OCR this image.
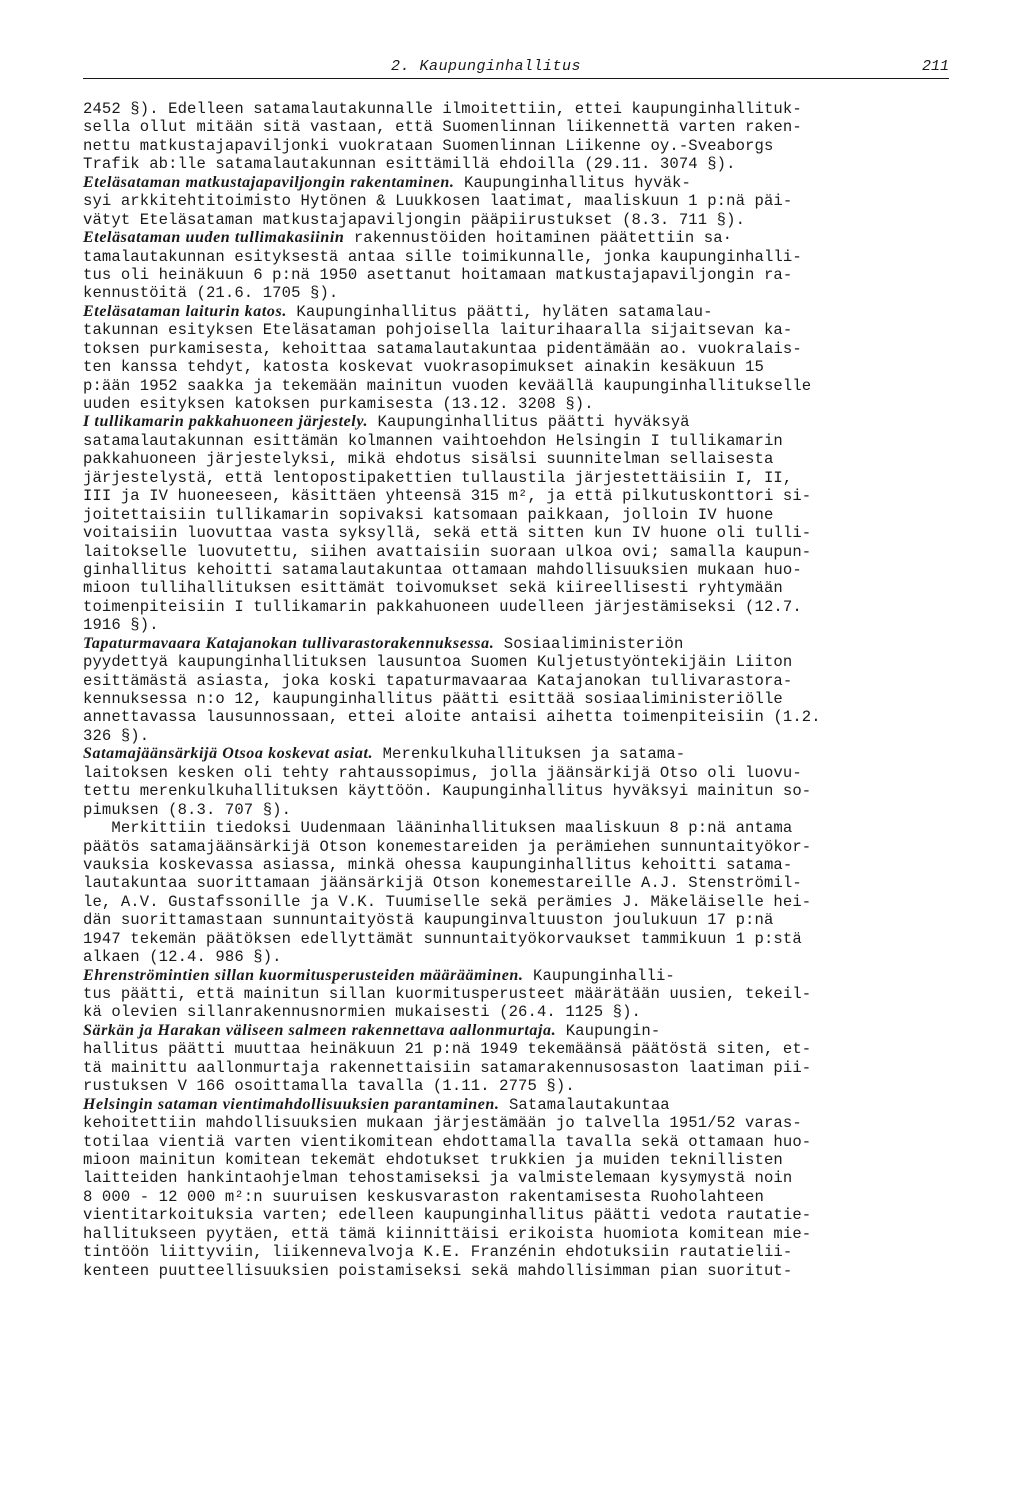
2. Kaupunginhallitus	211
2452 §). Edelleen satamalautakunnalle ilmoitettiin, ettei kaupunginhallituk-
sella ollut mitään sitä vastaan, että Suomenlinnan liikennettä varten raken-
nettu matkustajapaviljonki vuokrataan Suomenlinnan Liikenne oy.-Sveaborgs
Trafik ab:lle satamalautakunnan esittämillä ehdoilla (29.11. 3074 §).
Eteläsataman matkustajapaviljongin rakentaminen. Kaupunginhallitus hyväk-
syi arkkitehtitoimisto Hytönen & Luukkosen laatimat, maaliskuun 1 p:nä päi-
vätyt Eteläsataman matkustajapaviljongin pääpiirustukset (8.3. 711 §).
Eteläsataman uuden tullimakasiinin rakennustöiden hoitaminen päätettiin sa·
tamalautakunnan esityksestä antaa sille toimikunnalle, jonka kaupunginhalli-
tus oli heinäkuun 6 p:nä 1950 asettanut hoitamaan matkustajapaviljongin ra-
kennustöitä (21.6. 1705 §).
Eteläsataman laiturin katos. Kaupunginhallitus päätti, hyläten satamalau-
takunnan esityksen Eteläsataman pohjoisella laiturihaaralla sijaitsevan ka-
toksen purkamisesta, kehoittaa satamalautakuntaa pidentämään ao. vuokralais-
ten kanssa tehdyt, katosta koskevat vuokrasopimukset ainakin kesäkuun 15
p:ään 1952 saakka ja tekemään mainitun vuoden keväällä kaupunginhallitukselle
uuden esityksen katoksen purkamisesta (13.12. 3208 §).
I tullikamarin pakkahuoneen järjestely. Kaupunginhallitus päätti hyväksyä
satamalautakunnan esittämän kolmannen vaihtoehdon Helsingin I tullikamarin
pakkahuoneen järjestelyksi, mikä ehdotus sisälsi suunnitelman sellaisesta
järjestelystä, että lentopostipakettien tullaustila järjestettäisiin I, II,
III ja IV huoneeseen, käsittäen yhteensä 315 m², ja että pilkutuskonttori si-
joitettaisiin tullikamarin sopivaksi katsomaan paikkaan, jolloin IV huone
voitaisiin luovuttaa vasta syksyllä, sekä että sitten kun IV huone oli tulli-
laitokselle luovutettu, siihen avattaisiin suoraan ulkoa ovi; samalla kaupun-
ginhallitus kehoitti satamalautakuntaa ottamaan mahdollisuuksien mukaan huo-
mioon tullihallituksen esittämät toivomukset sekä kiireellisesti ryhtymään
toimenpiteisiin I tullikamarin pakkahuoneen uudelleen järjestämiseksi (12.7.
1916 §).
Tapaturmavaara Katajanokan tullivarastorakennuksessa. Sosiaaliministeriön
pyydettyä kaupunginhallituksen lausuntoa Suomen Kuljetustyöntekijäin Liiton
esittämästä asiasta, joka koski tapaturmavaaraa Katajanokan tullivarastora-
kennuksessa n:o 12, kaupunginhallitus päätti esittää sosiaaliministeriölle
annettavassa lausunnossaan, ettei aloite antaisi aihetta toimenpiteisiin (1.2.
326 §).
Satamajäänsärkijä Otsoa koskevat asiat. Merenkulkuhallituksen ja satama-
laitoksen kesken oli tehty rahtaussopimus, jolla jäänsärkijä Otso oli luovu-
tettu merenkulkuhallituksen käyttöön. Kaupunginhallitus hyväksyi mainitun so-
pimuksen (8.3. 707 §).
Merkittiin tiedoksi Uudenmaan lääninhallituksen maaliskuun 8 p:nä antama
päätös satamajäänsärkijä Otson konemestareiden ja perämiehen sunnuntaityökor-
vauksia koskevassa asiassa, minkä ohessa kaupunginhallitus kehoitti satama-
lautakuntaa suorittamaan jäänsärkijä Otson konemestareille A.J. Stenströmil-
le, A.V. Gustafssonille ja V.K. Tuumiselle sekä perämies J. Mäkeläiselle hei-
dän suorittamastaan sunnuntaityöstä kaupunginvaltuuston joulukuun 17 p:nä
1947 tekemän päätöksen edellyttämät sunnuntaityökorvaukset tammikuun 1 p:stä
alkaen (12.4. 986 §).
Ehrenströmintien sillan kuormitusperusteiden määrääminen. Kaupunginhalli-
tus päätti, että mainitun sillan kuormitusperusteet määrätään uusien, tekeil-
kä olevien sillanrakennusnormien mukaisesti (26.4. 1125 §).
Särkän ja Harakan väliseen salmeen rakennettava aallonmurtaja. Kaupungin-
hallitus päätti muuttaa heinäkuun 21 p:nä 1949 tekemäänsä päätöstä siten, et-
tä mainittu aallonmurtaja rakennettaisiin satamarakennusosaston laatiman pii-
rustuksen V 166 osoittamalla tavalla (1.11. 2775 §).
Helsingin sataman vientimahdollisuuksien parantaminen. Satamalautakuntaa
kehoitettiin mahdollisuuksien mukaan järjestämään jo talvella 1951/52 varas-
totilaa vientiä varten vientikomitean ehdottamalla tavalla sekä ottamaan huo-
mioon mainitun komitean tekemät ehdotukset trukkien ja muiden teknillisten
laitteiden hankintaohjelman tehostamiseksi ja valmistelemaan kysymystä noin
8 000 - 12 000 m²:n suuruisen keskusvaraston rakentamisesta Ruoholahteen
vientitarkoituksia varten; edelleen kaupunginhallitus päätti vedota rautatie-
hallitukseen pyytäen, että tämä kiinnittäisi erikoista huomiota komitean mie-
tintöön liittyviin, liikennevalvoja K.E. Franzénin ehdotuksiin rautatielii-
kenteen puutteellisuuksien poistamiseksi sekä mahdollisimman pian suoritut-
